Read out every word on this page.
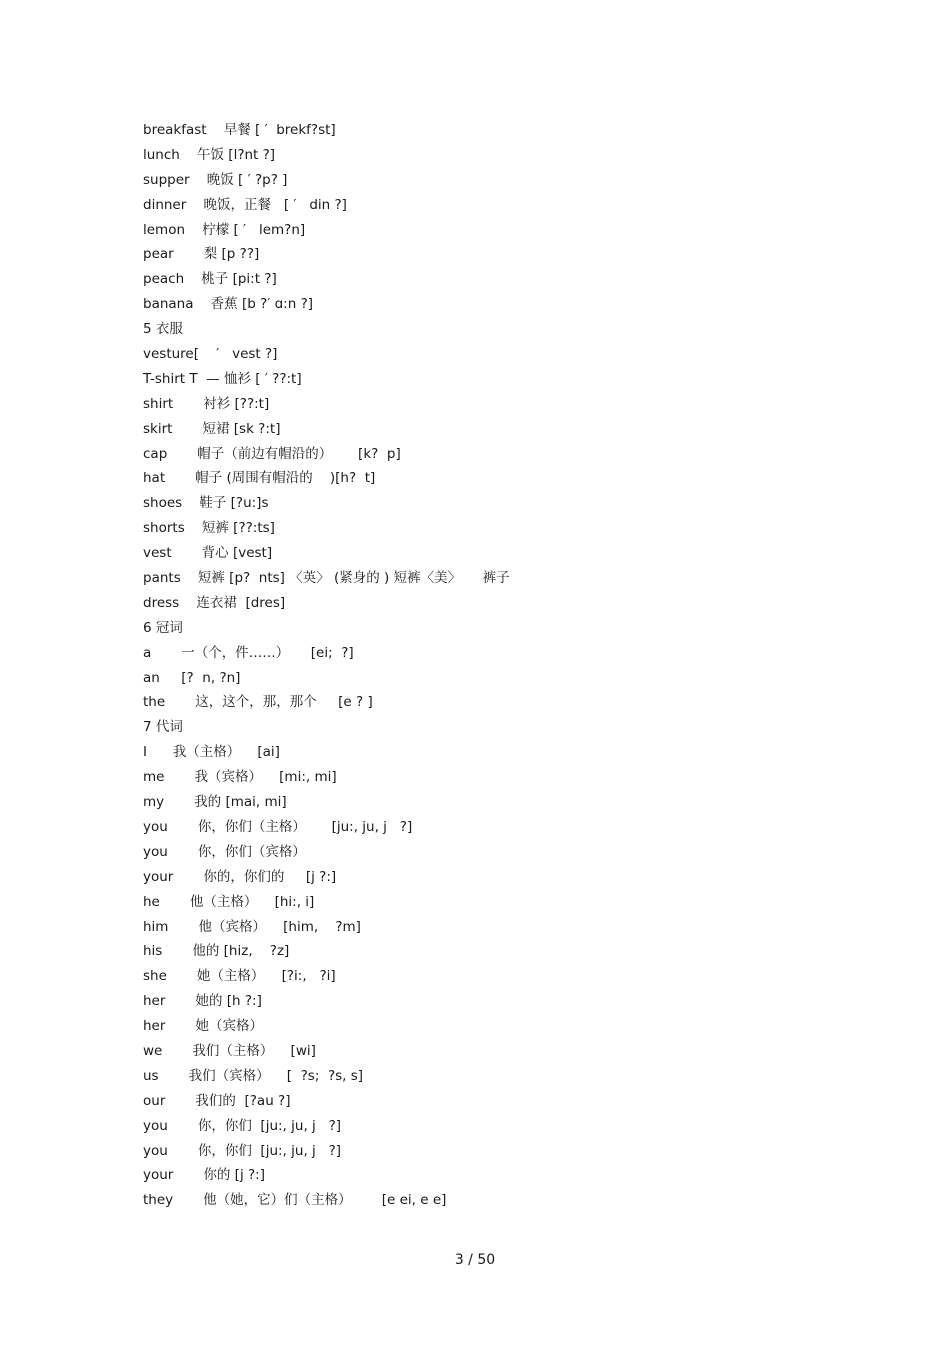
breakfast    早餐 [ ′  brekf?st]
lunch    午饭 [l?nt ?]
supper    晚饭 [ ′ ?p? ]
dinner    晚饭，正餐   [ ′   din ?]
lemon    柠檬 [ ′   lem?n]
pear       梨 [p ??]
peach    桃子 [pi:t ?]
banana    香蕉 [b ?′ ɑ:n ?]
5 衣服
vesture[    ′   vest ?]
T-shirt T  — 恤衫 [ ′ ??:t]
shirt       衬衫 [??:t]
skirt       短裙 [sk ?:t]
cap       帽子（前边有帽沿的）      [k?  p]
hat       帽子 (周围有帽沿的    )[h?  t]
shoes    鞋子 [?u:]s
shorts    短裤 [??:ts]
vest       背心 [vest]
pants    短裤 [p?  nts] 〈英〉 (紧身的 ) 短裤〈美〉     裤子
dress    连衣裙  [dres]
6 冠词
a       一（个，件……）     [ei;  ?]
an     [?  n, ?n]
the       这，这个，那，那个     [e ? ]
7 代词
I      我（主格）    [ai]
me       我（宾格）    [mi:, mi]
my       我的 [mai, mi]
you       你，你们（主格）      [ju:, ju, j   ?]
you       你，你们（宾格）
your       你的，你们的     [j ?:]
he       他（主格）    [hi:, i]
him       他（宾格）    [him,    ?m]
his       他的 [hiz,    ?z]
she       她（主格）    [?i:,   ?i]
her       她的 [h ?:]
her       她（宾格）
we       我们（主格）    [wi]
us       我们（宾格）    [  ?s;  ?s, s]
our       我们的  [?au ?]
you       你，你们  [ju:, ju, j   ?]
you       你，你们  [ju:, ju, j   ?]
your       你的 [j ?:]
they       他（她，它）们（主格）       [e ei, e e]
3 / 50
